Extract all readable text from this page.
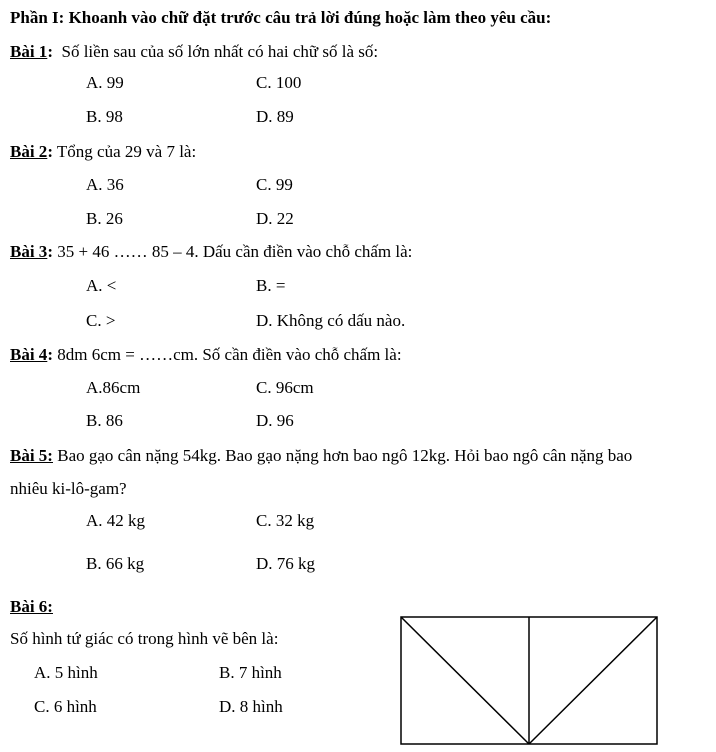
Phần I: Khoanh vào chữ đặt trước câu trả lời đúng hoặc làm theo yêu cầu:
Bài 1:  Số liền sau của số lớn nhất có hai chữ số là số:
A. 99	C. 100
B. 98	D. 89
Bài 2: Tổng của 29 và 7 là:
A. 36	C. 99
B. 26	D. 22
Bài 3: 35 + 46 …… 85 – 4. Dấu cần điền vào chỗ chấm là:
A. <	B. =
C. >	D. Không có dấu nào.
Bài 4: 8dm 6cm = ……cm. Số cần điền vào chỗ chấm là:
A.86cm	C. 96cm
B. 86	D. 96
Bài 5: Bao gạo cân nặng 54kg. Bao gạo nặng hơn bao ngô 12kg. Hỏi bao ngô cân nặng bao
nhiêu ki-lô-gam?
A. 42 kg	C. 32 kg
B. 66 kg	D. 76 kg
Bài 6:
Số hình tứ giác có trong hình vẽ bên là:
A. 5 hình	B. 7 hình
C. 6 hình	D. 8 hình
